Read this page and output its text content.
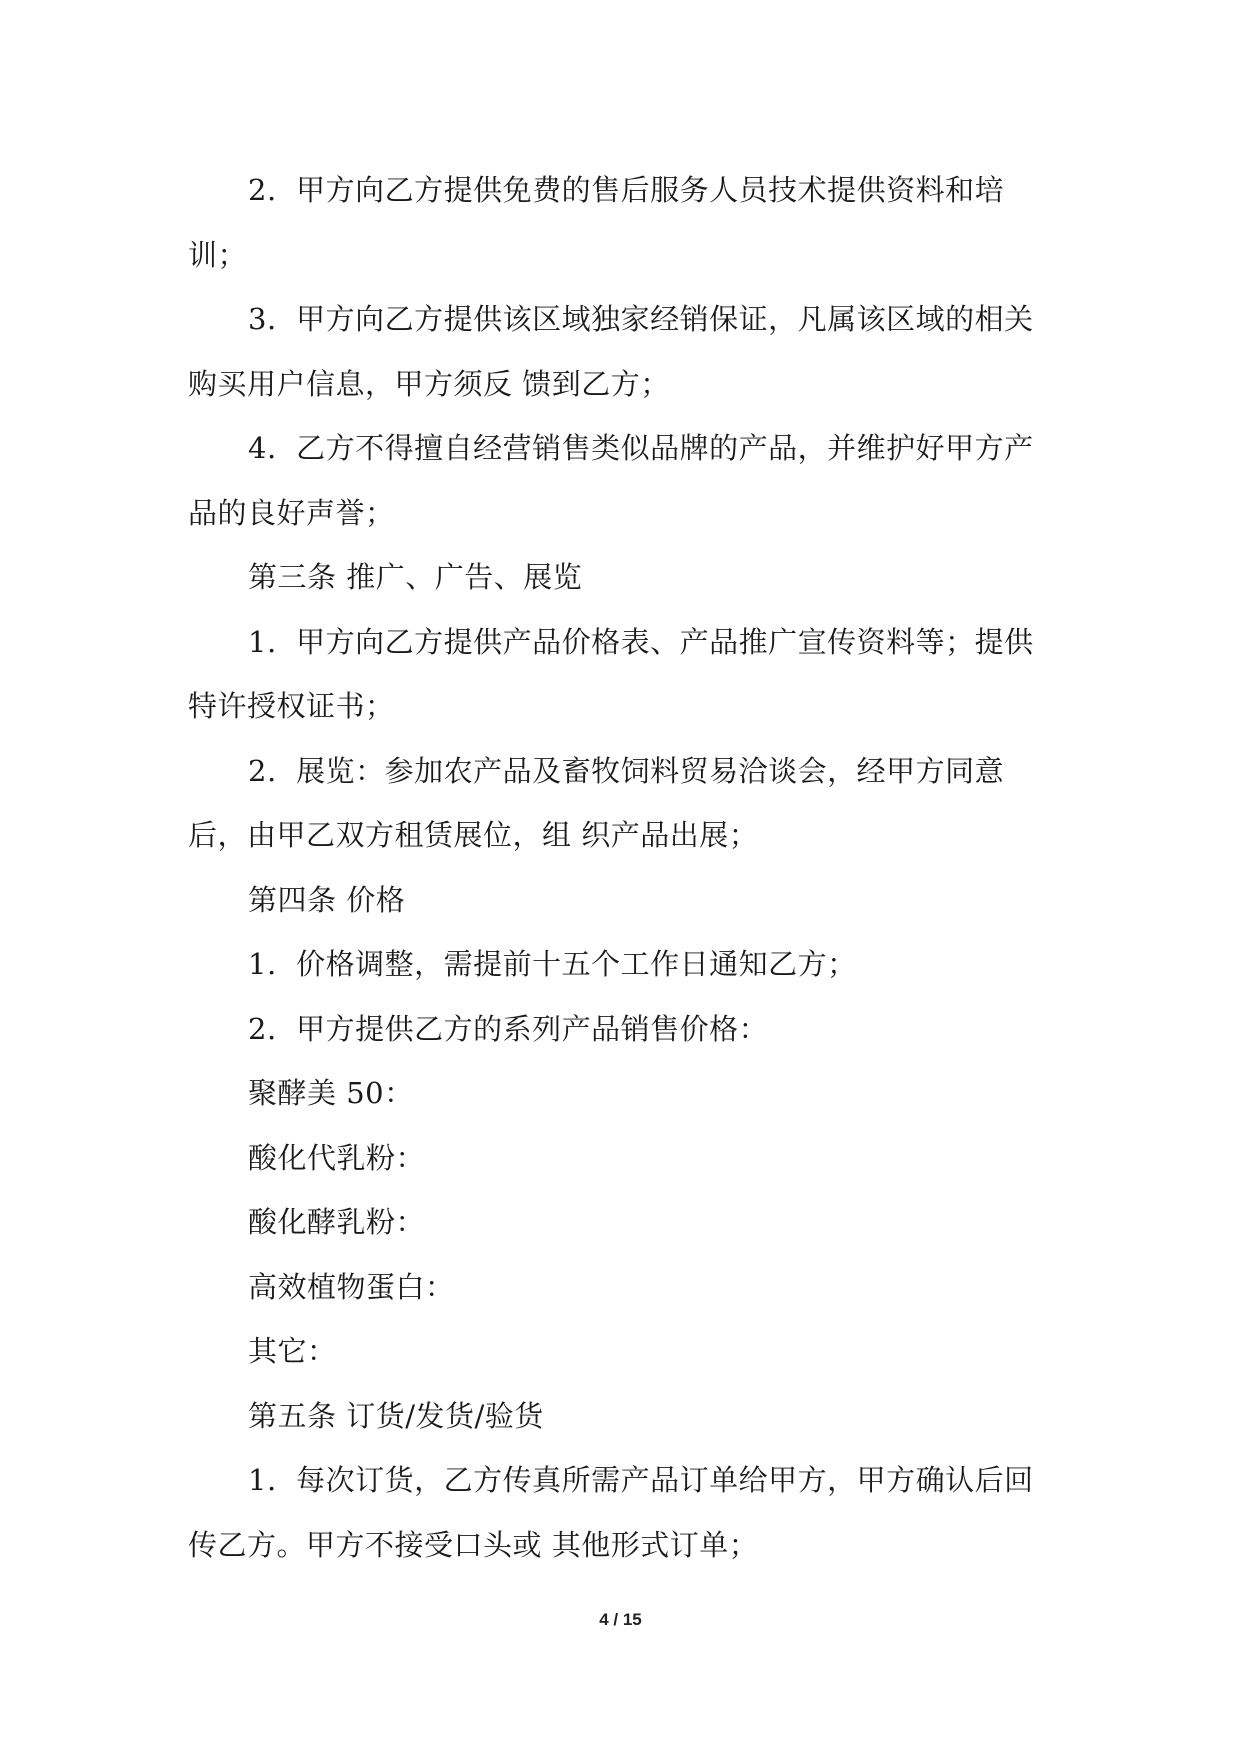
2.  甲方向乙方提供免费的售后服务人员技术提供资料和培训；

3.  甲方向乙方提供该区域独家经销保证，凡属该区域的相关购买用户信息，甲方须反 馈到乙方；

4.  乙方不得擅自经营销售类似品牌的产品，并维护好甲方产品的良好声誉；

第三条 推广、广告、展览

1.  甲方向乙方提供产品价格表、产品推广宣传资料等；提供特许授权证书；

2.  展览：参加农产品及畜牧饲料贸易洽谈会，经甲方同意后，由甲乙双方租赁展位，组 织产品出展；

第四条 价格

1.  价格调整，需提前十五个工作日通知乙方；

2.  甲方提供乙方的系列产品销售价格：

聚酵美 50：

酸化代乳粉：

酸化酵乳粉：

高效植物蛋白：

其它：

第五条 订货/发货/验货

1.  每次订货，乙方传真所需产品订单给甲方，甲方确认后回传乙方。甲方不接受口头或 其他形式订单；

4 / 15
